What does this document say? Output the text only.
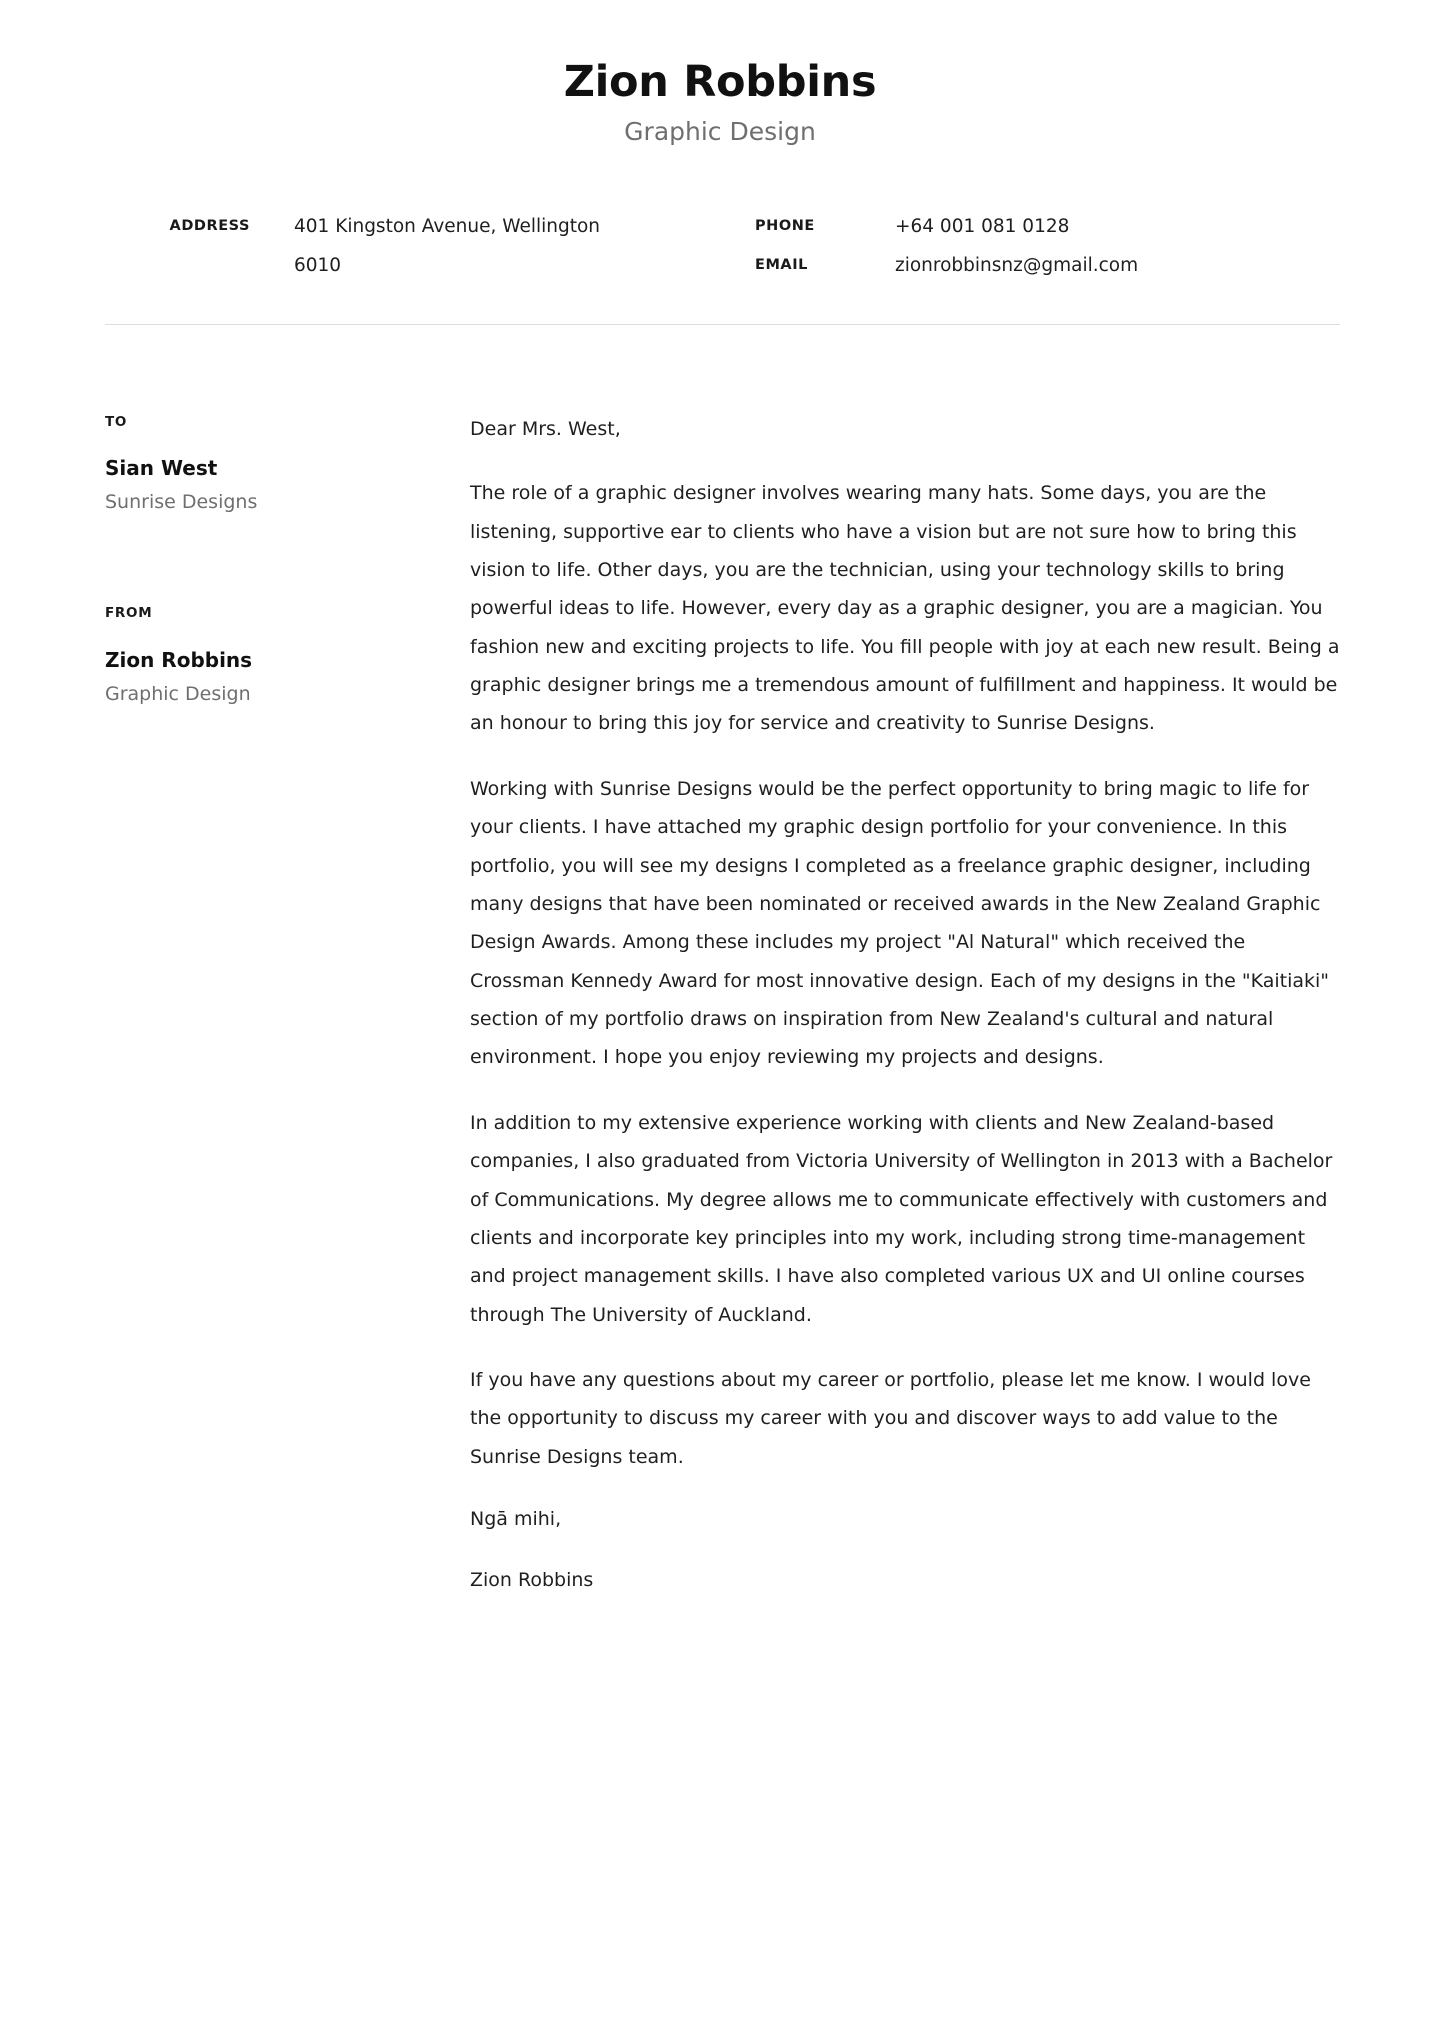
Zion Robbins
Graphic Design
ADDRESS 401 Kingston Avenue, Wellington
6010
PHONE
EMAIL
+64 001 081 0128
zionrobbinsnz@gmail.com
TO
Sian West
Sunrise Designs
FROM
Zion Robbins
Graphic Design

Dear Mrs. West,

The role of a graphic designer involves wearing many hats. Some days, you are the listening, supportive ear to clients who have a vision but are not sure how to bring this vision to life. Other days, you are the technician, using your technology skills to bring powerful ideas to life. However, every day as a graphic designer, you are a magician. You fashion new and exciting projects to life. You fill people with joy at each new result. Being a graphic designer brings me a tremendous amount of fulfillment and happiness. It would be an honour to bring this joy for service and creativity to Sunrise Designs.

Working with Sunrise Designs would be the perfect opportunity to bring magic to life for your clients. I have attached my graphic design portfolio for your convenience. In this portfolio, you will see my designs I completed as a freelance graphic designer, including many designs that have been nominated or received awards in the New Zealand Graphic Design Awards. Among these includes my project "Al Natural" which received the Crossman Kennedy Award for most innovative design. Each of my designs in the "Kaitiaki" section of my portfolio draws on inspiration from New Zealand's cultural and natural environment. I hope you enjoy reviewing my projects and designs.

In addition to my extensive experience working with clients and New Zealand-based companies, I also graduated from Victoria University of Wellington in 2013 with a Bachelor of Communications. My degree allows me to communicate effectively with customers and clients and incorporate key principles into my work, including strong time-management and project management skills. I have also completed various UX and UI online courses through The University of Auckland.

If you have any questions about my career or portfolio, please let me know. I would love the opportunity to discuss my career with you and discover ways to add value to the Sunrise Designs team.

Ngā mihi,

Zion Robbins
